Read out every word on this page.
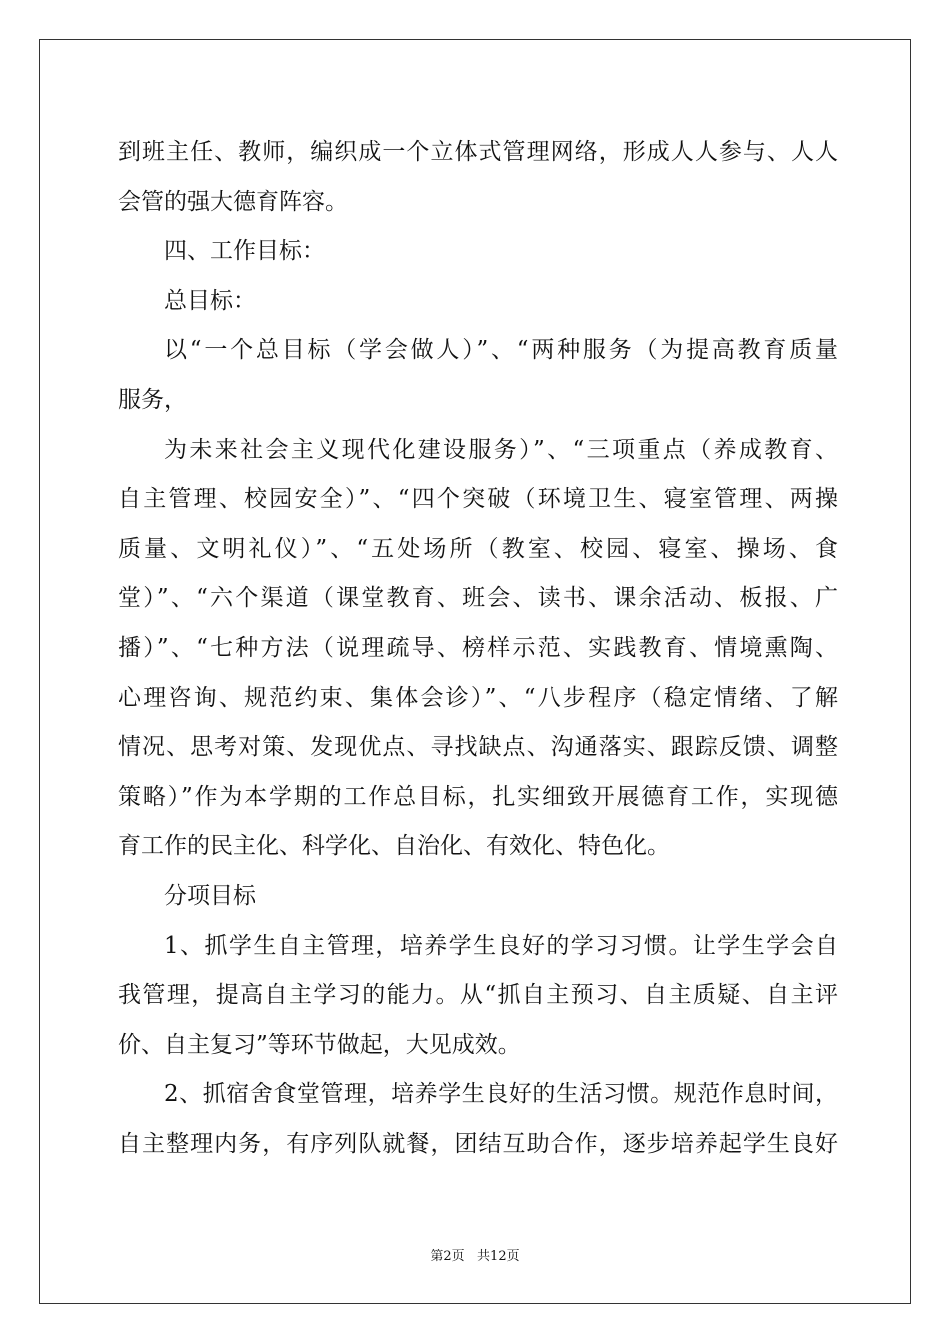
到班主任、教师，编织成一个立体式管理网络，形成人人参与、人人
会管的强大德育阵容。
四、工作目标：
总目标：
以“一个总目标（学会做人）”、“两种服务（为提高教育质量
服务，
为未来社会主义现代化建设服务）”、“三项重点（养成教育、
自主管理、校园安全）”、“四个突破（环境卫生、寝室管理、两操
质量、文明礼仪）”、“五处场所（教室、校园、寝室、操场、食
堂）”、“六个渠道（课堂教育、班会、读书、课余活动、板报、广
播）”、“七种方法（说理疏导、榜样示范、实践教育、情境熏陶、
心理咨询、规范约束、集体会诊）”、“八步程序（稳定情绪、了解
情况、思考对策、发现优点、寻找缺点、沟通落实、跟踪反馈、调整
策略）”作为本学期的工作总目标，扎实细致开展德育工作，实现德
育工作的民主化、科学化、自治化、有效化、特色化。
分项目标
1、抓学生自主管理，培养学生良好的学习习惯。让学生学会自
我管理，提高自主学习的能力。从“抓自主预习、自主质疑、自主评
价、自主复习”等环节做起，大见成效。
2、抓宿舍食堂管理，培养学生良好的生活习惯。规范作息时间，
自主整理内务，有序列队就餐，团结互助合作，逐步培养起学生良好
第2页   共12页
